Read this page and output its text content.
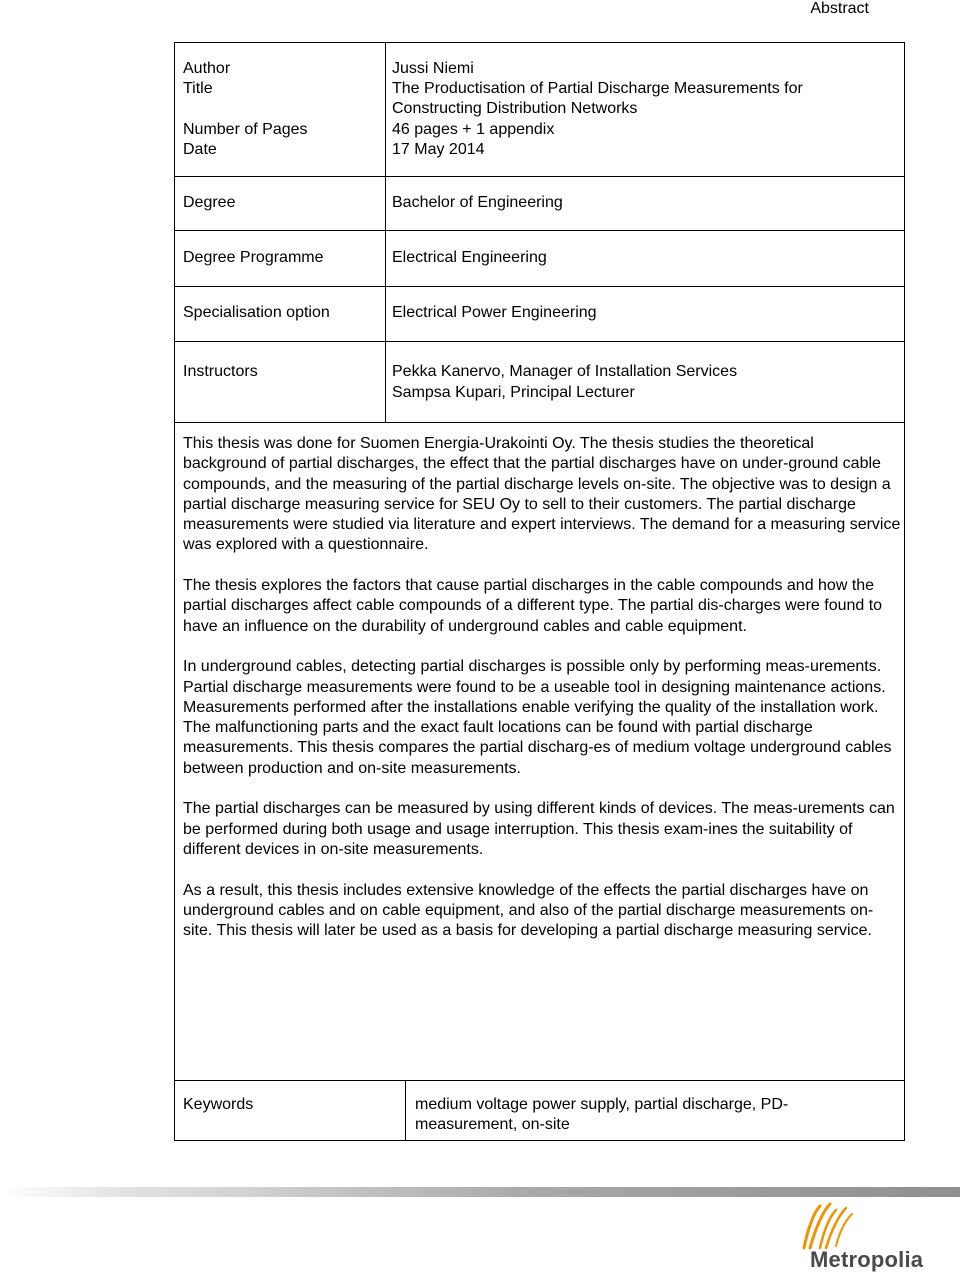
Abstract
Author	Jussi Niemi
Title	The Productisation of Partial Discharge Measurements for
Constructing Distribution Networks
Number of Pages	46 pages + 1 appendix
Date	17 May 2014
Degree	Bachelor of Engineering
Degree Programme	Electrical Engineering
Specialisation option	Electrical Power Engineering
Instructors	Pekka Kanervo, Manager of Installation Services
Sampsa Kupari, Principal Lecturer

This thesis was done for Suomen Energia-Urakointi Oy. The thesis studies the theoretical background of partial discharges, the effect that the partial discharges have on under-ground cable compounds, and the measuring of the partial discharge levels on-site. The objective was to design a partial discharge measuring service for SEU Oy to sell to their customers. The partial discharge measurements were studied via literature and expert interviews. The demand for a measuring service was explored with a questionnaire.

The thesis explores the factors that cause partial discharges in the cable compounds and how the partial discharges affect cable compounds of a different type. The partial dis-charges were found to have an influence on the durability of underground cables and cable equipment.

In underground cables, detecting partial discharges is possible only by performing meas-urements. Partial discharge measurements were found to be a useable tool in designing maintenance actions. Measurements performed after the installations enable verifying the quality of the installation work. The malfunctioning parts and the exact fault locations can be found with partial discharge measurements. This thesis compares the partial discharg-es of medium voltage underground cables between production and on-site measurements.

The partial discharges can be measured by using different kinds of devices. The meas-urements can be performed during both usage and usage interruption. This thesis exam-ines the suitability of different devices in on-site measurements.

As a result, this thesis includes extensive knowledge of the effects the partial discharges have on underground cables and on cable equipment, and also of the partial discharge measurements on-site. This thesis will later be used as a basis for developing a partial discharge measuring service.

Keywords	medium voltage power supply, partial discharge, PD-
measurement, on-site
Metropolia
